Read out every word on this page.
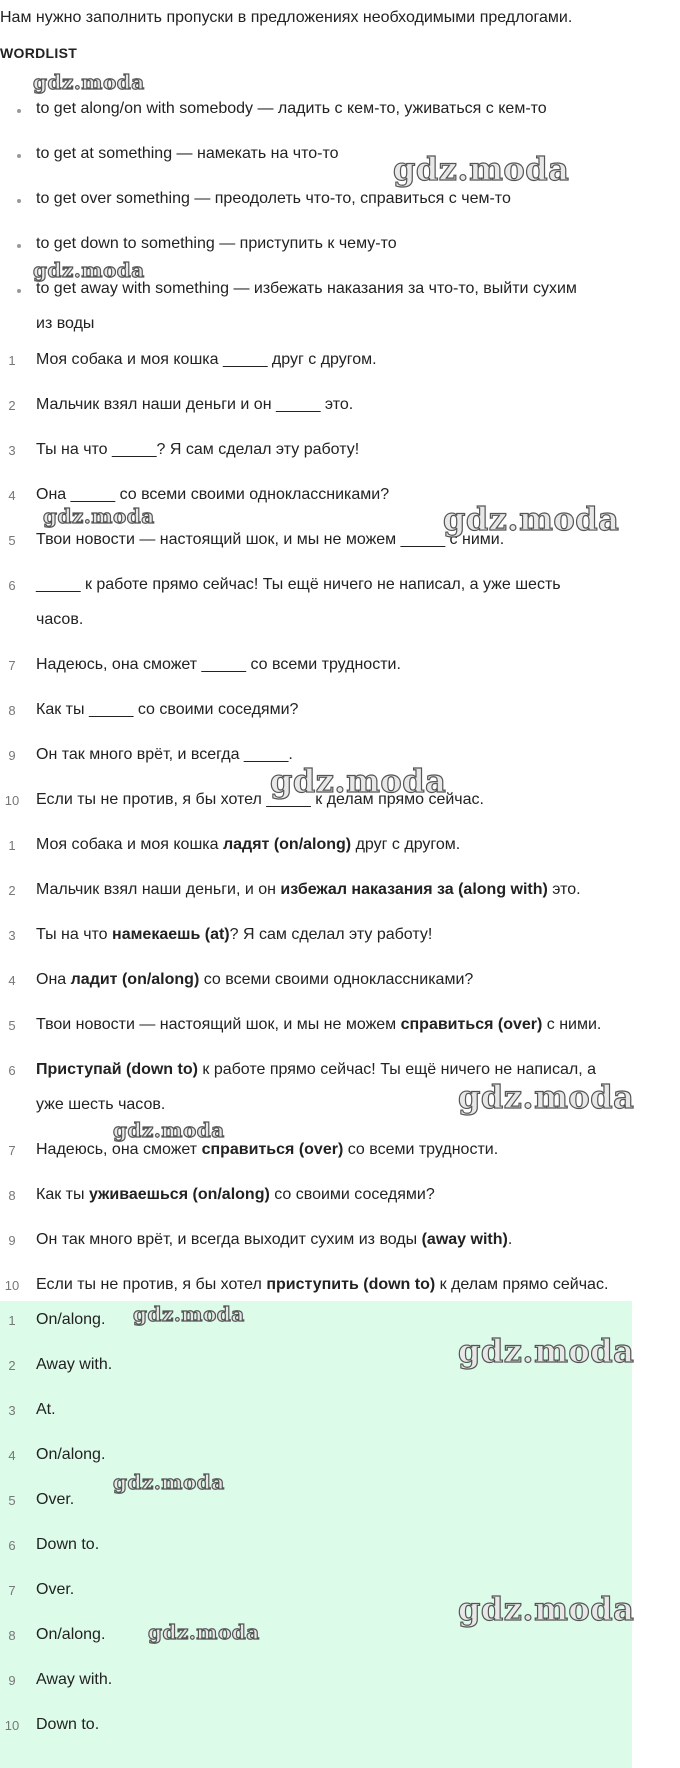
Нам нужно заполнить пропуски в предложениях необходимыми предлогами.
WORDLIST
to get along/on with somebody — ладить с кем-то, уживаться с кем-то
to get at something — намекать на что-то
to get over something — преодолеть что-то, справиться с чем-то
to get down to something — приступить к чему-то
to get away with something — избежать наказания за что-то, выйти сухим
из воды
1	Моя собака и моя кошка _____ друг с другом.
2	Мальчик взял наши деньги и он _____ это.
3	Ты на что _____? Я сам сделал эту работу!
4	Она _____ со всеми своими одноклассниками?
5	Твои новости — настоящий шок, и мы не можем _____ с ними.
6	_____ к работе прямо сейчас! Ты ещё ничего не написал, а уже шесть
часов.
7	Надеюсь, она сможет _____ со всеми трудности.
8	Как ты _____ со своими соседями?
9	Он так много врёт, и всегда _____.
10 Если ты не против, я бы хотел _____ к делам прямо сейчас.
1	Моя собака и моя кошка ладят (on/along) друг с другом.
2	Мальчик взял наши деньги, и он избежал наказания за (along with) это.
3	Ты на что намекаешь (at)? Я сам сделал эту работу!
4	Она ладит (on/along) со всеми своими одноклассниками?
5	Твои новости — настоящий шок, и мы не можем справиться (over) с ними.
6	Приступай (down to) к работе прямо сейчас! Ты ещё ничего не написал, а
уже шесть часов.
7	Надеюсь, она сможет справиться (over) со всеми трудности.
8	Как ты уживаешься (on/along) со своими соседями?
9	Он так много врёт, и всегда выходит сухим из воды (away with).
10 Если ты не против, я бы хотел приступить (down to) к делам прямо сейчас.
1	On/along.
2	Away with.
3	At.
4	On/along.
5	Over.
6	Down to.
7	Over.
8	On/along.
9	Away with.
10 Down to.
gdz.moda
gdz.moda
gdz.moda
gdz.moda	gdz.moda
gdz.moda
gdz.moda
gdz.moda
gdz.moda
gdz.moda
gdz.moda
gdz.moda
gdz.moda
